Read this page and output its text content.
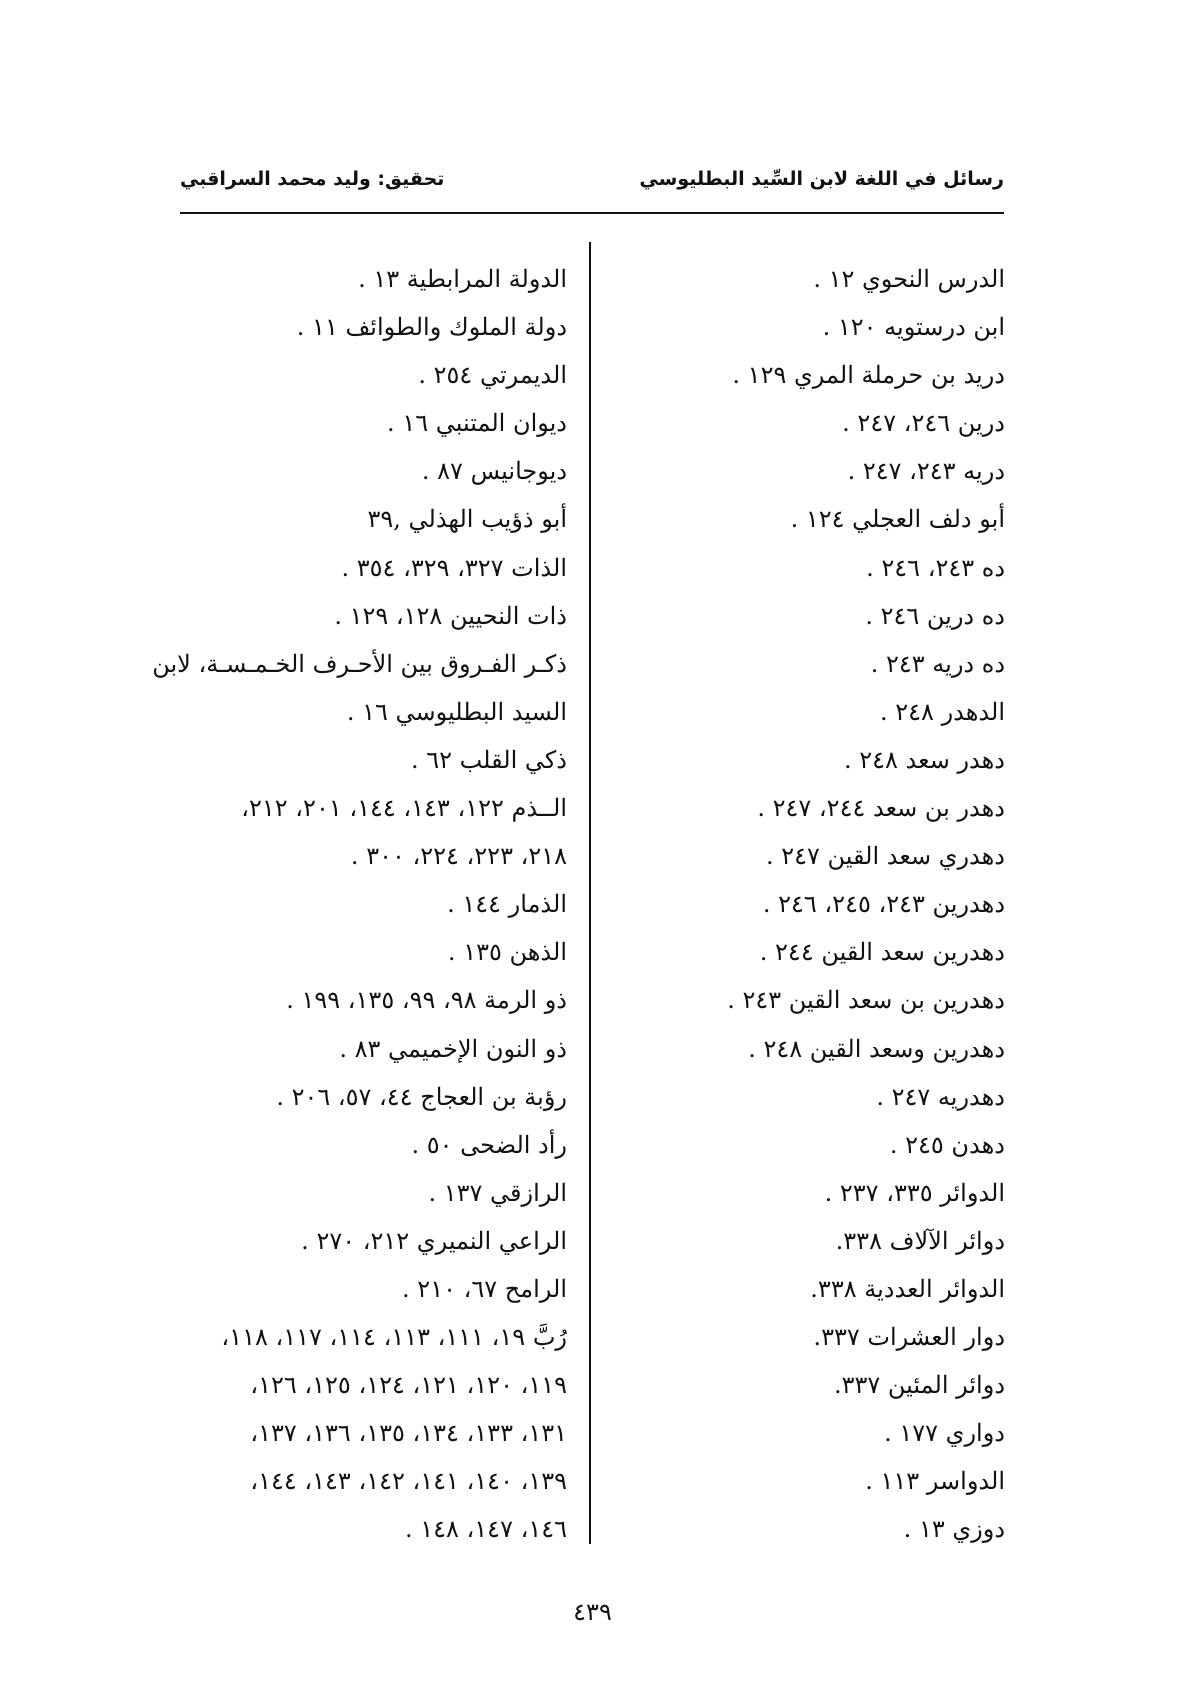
رسائل في اللغة لابن السِّيد البطليوسي
تحقيق: وليد محمد السراقبي
الدرس النحوي ١٢ .
ابن درستويه ١٢٠ .
دريد بن حرملة المري ١٢٩ .
درين ٢٤٦، ٢٤٧ .
دريه ٢٤٣، ٢٤٧ .
أبو دلف العجلي ١٢٤ .
ده ٢٤٣، ٢٤٦ .
ده درين ٢٤٦ .
ده دريه ٢٤٣ .
الدهدر ٢٤٨ .
دهدر سعد ٢٤٨ .
دهدر بن سعد ٢٤٤، ٢٤٧ .
دهدري سعد القين ٢٤٧ .
دهدرين ٢٤٣، ٢٤٥، ٢٤٦ .
دهدرين سعد القين ٢٤٤ .
دهدرين بن سعد القين ٢٤٣ .
دهدرين وسعد القين ٢٤٨ .
دهدريه ٢٤٧ .
دهدن ٢٤٥ .
الدوائر ٣٣٥، ٢٣٧ .
دوائر الآلاف ٣٣٨.
الدوائر العددية ٣٣٨.
دوار العشرات ٣٣٧.
دوائر المئين ٣٣٧.
دواري ١٧٧ .
الدواسر ١١٣ .
دوزي ١٣ .
الدولة المرابطية ١٣ .
دولة الملوك والطوائف ١١ .
الديمرتي ٢٥٤ .
ديوان المتنبي ١٦ .
ديوجانيس ٨٧ .
أبو ذؤيب الهذلي ,٣٩
الذات ٣٢٧، ٣٢٩، ٣٥٤ .
ذات النحيين ١٢٨، ١٢٩ .
ذكـر الفـروق بين الأحـرف الخـمـسـة، لابن
السيد البطليوسي ١٦ .
ذكي القلب ٦٢ .
الــذم ١٢٢، ١٤٣، ١٤٤، ٢٠١، ٢١٢،
٢١٨، ٢٢٣، ٢٢٤، ٣٠٠ .
الذمار ١٤٤ .
الذهن ١٣٥ .
ذو الرمة ٩٨، ٩٩، ١٣٥، ١٩٩ .
ذو النون الإخميمي ٨٣ .
رؤبة بن العجاج ٤٤، ٥٧، ٢٠٦ .
رأد الضحى ٥٠ .
الرازقي ١٣٧ .
الراعي النميري ٢١٢، ٢٧٠ .
الرامح ٦٧، ٢١٠ .
رُبَّ ١٩، ١١١، ١١٣، ١١٤، ١١٧، ١١٨،
١١٩، ١٢٠، ١٢١، ١٢٤، ١٢٥، ١٢٦،
١٣١، ١٣٣، ١٣٤، ١٣٥، ١٣٦، ١٣٧،
١٣٩، ١٤٠، ١٤١، ١٤٢، ١٤٣، ١٤٤،
١٤٦، ١٤٧، ١٤٨ .
٤٣٩
